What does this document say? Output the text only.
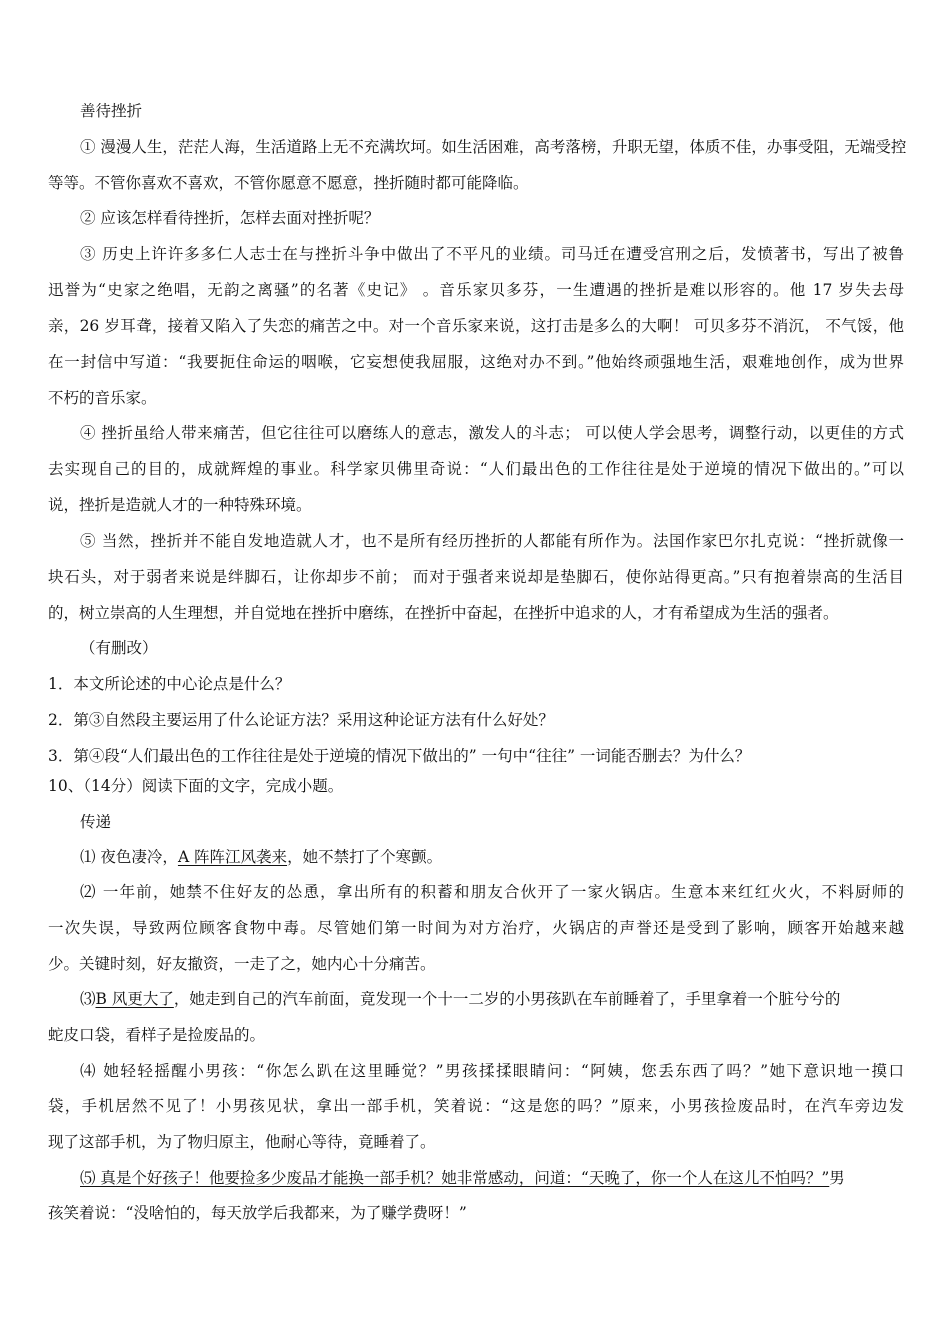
善待挫折
① 漫漫人生，茫茫人海，生活道路上无不充满坎坷。如生活困难，高考落榜，升职无望，体质不佳，办事受阻，无端受控
等等。不管你喜欢不喜欢，不管你愿意不愿意，挫折随时都可能降临。
② 应该怎样看待挫折，怎样去面对挫折呢？
③ 历史上许许多多仁人志士在与挫折斗争中做出了不平凡的业绩。司马迁在遭受宫刑之后，发愤著书，写出了被鲁
迅誉为“史家之绝唱，无韵之离骚”的名著《史记》 。音乐家贝多芬，一生遭遇的挫折是难以形容的。他 17 岁失去母
亲，26 岁耳聋，接着又陷入了失恋的痛苦之中。对一个音乐家来说，这打击是多么的大啊！ 可贝多芬不消沉， 不气馁，他
在一封信中写道：“我要扼住命运的咽喉，它妄想使我屈服，这绝对办不到。”他始终顽强地生活，艰难地创作，成为世界
不朽的音乐家。
④ 挫折虽给人带来痛苦，但它往往可以磨练人的意志，激发人的斗志； 可以使人学会思考，调整行动，以更佳的方式
去实现自己的目的，成就辉煌的事业。科学家贝佛里奇说：“人们最出色的工作往往是处于逆境的情况下做出的。”可以
说，挫折是造就人才的一种特殊环境。
⑤ 当然，挫折并不能自发地造就人才，也不是所有经历挫折的人都能有所作为。法国作家巴尔扎克说：“挫折就像一
块石头，对于弱者来说是绊脚石，让你却步不前； 而对于强者来说却是垫脚石，使你站得更高。”只有抱着崇高的生活目
的，树立崇高的人生理想，并自觉地在挫折中磨练，在挫折中奋起，在挫折中追求的人，才有希望成为生活的强者。
（有删改）
1．本文所论述的中心论点是什么？
2．第③自然段主要运用了什么论证方法？采用这种论证方法有什么好处？
3．第④段“人们最出色的工作往往是处于逆境的情况下做出的” 一句中“往往” 一词能否删去？为什么？
10、（14分）阅读下面的文字，完成小题。
传递
⑴ 夜色凄冷，A 阵阵江风袭来，她不禁打了个寒颤。
⑵ 一年前，她禁不住好友的怂恿，拿出所有的积蓄和朋友合伙开了一家火锅店。生意本来红红火火，不料厨师的
一次失误，导致两位顾客食物中毒。尽管她们第一时间为对方治疗，火锅店的声誉还是受到了影响，顾客开始越来越
少。关键时刻，好友撤资，一走了之，她内心十分痛苦。
⑶B 风更大了，她走到自己的汽车前面，竟发现一个十一二岁的小男孩趴在车前睡着了，手里拿着一个脏兮兮的
蛇皮口袋，看样子是捡废品的。
⑷ 她轻轻摇醒小男孩：“你怎么趴在这里睡觉？”男孩揉揉眼睛问：“阿姨，您丢东西了吗？”她下意识地一摸口
袋，手机居然不见了！小男孩见状，拿出一部手机，笑着说：“这是您的吗？”原来，小男孩捡废品时，在汽车旁边发
现了这部手机，为了物归原主，他耐心等待，竟睡着了。
⑸ 真是个好孩子！他要捡多少废品才能换一部手机？她非常感动，问道：“天晚了，你一个人在这儿不怕吗？”男
孩笑着说：“没啥怕的，每天放学后我都来，为了赚学费呀！”
